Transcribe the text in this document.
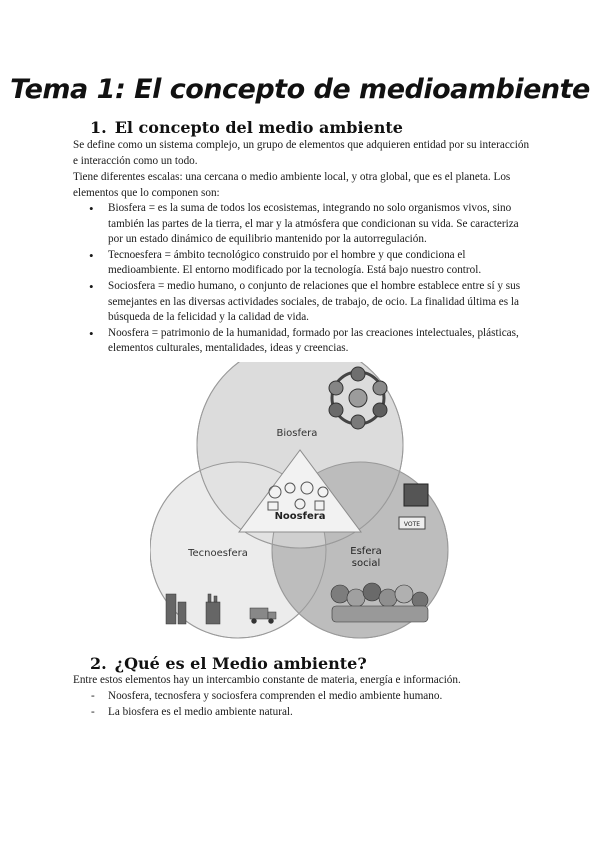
Tema 1: El concepto de medioambiente
1. El concepto del medio ambiente

Se define como un sistema complejo, un grupo de elementos que adquieren entidad por su interacción e interacción como un todo.

Tiene diferentes escalas: una cercana o medio ambiente local, y otra global, que es el planeta. Los elementos que lo componen son:

• Biosfera = es la suma de todos los ecosistemas, integrando no solo organismos vivos, sino también las partes de la tierra, el mar y la atmósfera que condicionan su vida. Se caracteriza por un estado dinámico de equilibrio mantenido por la autorregulación.
• Tecnoesfera = ámbito tecnológico construido por el hombre y que condiciona el medioambiente. El entorno modificado por la tecnología. Está bajo nuestro control.
• Sociosfera = medio humano, o conjunto de relaciones que el hombre establece entre sí y sus semejantes en las diversas actividades sociales, de trabajo, de ocio. La finalidad última es la búsqueda de la felicidad y la calidad de vida.
• Noosfera = patrimonio de la humanidad, formado por las creaciones intelectuales, plásticas, elementos culturales, mentalidades, ideas y creencias.
Noosfera
Biosfera
Tecnoesfera	Esfera
social
VOTE
2. ¿Qué es el Medio ambiente?

Entre estos elementos hay un intercambio constante de materia, energía e información.

- Noosfera, tecnosfera y sociosfera comprenden el medio ambiente humano.
- La biosfera es el medio ambiente natural.
